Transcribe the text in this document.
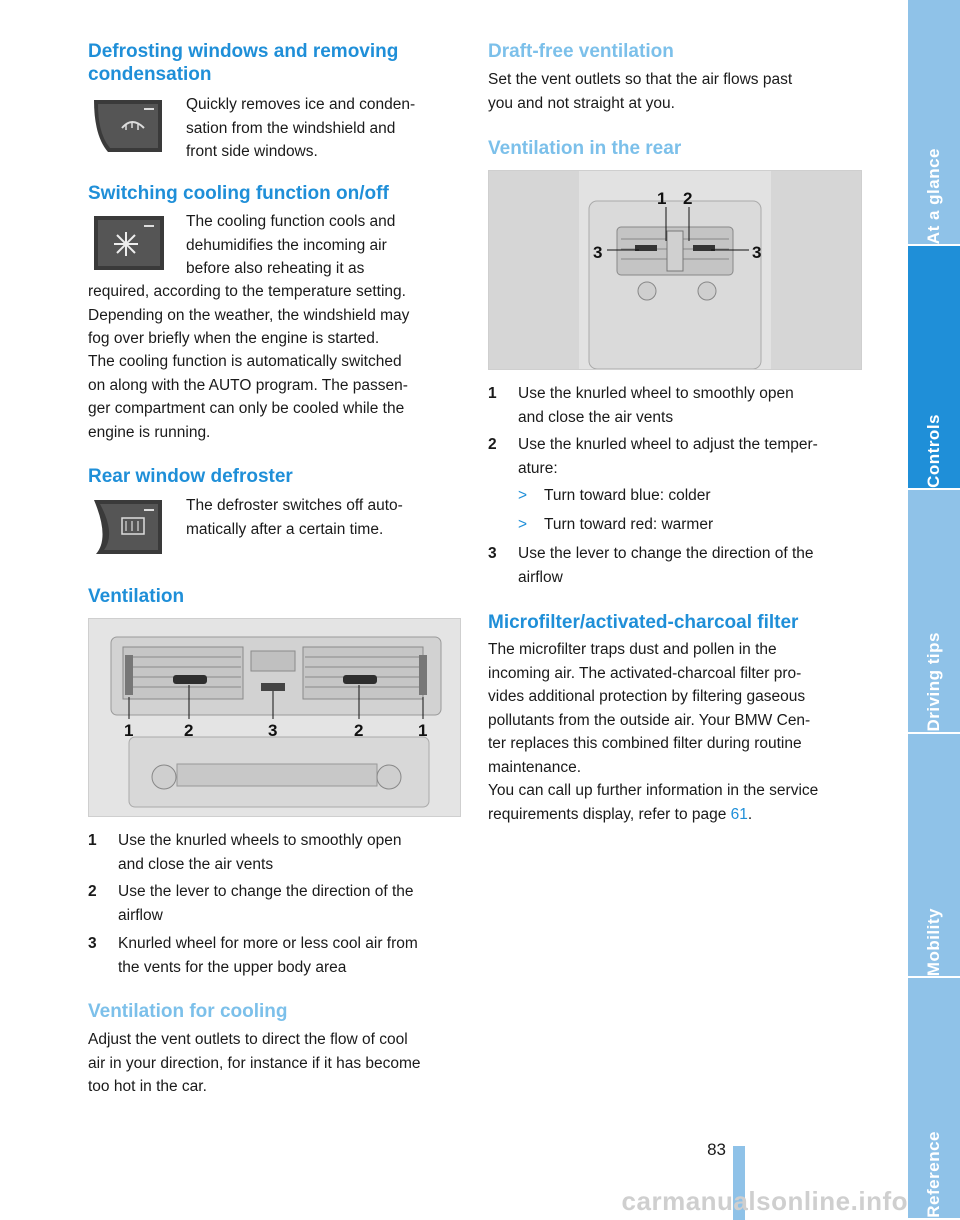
Defrosting windows and removing
condensation

Quickly removes ice and conden-

sation from the windshield and

front side windows.

Switching cooling function on/off

The cooling function cools and

dehumidifies the incoming air

before also reheating it as

required, according to the temperature setting.

Depending on the weather, the windshield may

fog over briefly when the engine is started.

The cooling function is automatically switched

on along with the AUTO program. The passen-

ger compartment can only be cooled while the

engine is running.

Rear window defroster

The defroster switches off auto-

matically after a certain time.

Ventilation
1	2	3	2	1
1 Use the knurled wheels to smoothly open
and close the air vents
2 Use the lever to change the direction of the
airflow
3 Knurled wheel for more or less cool air from
the vents for the upper body area
Ventilation for cooling

Adjust the vent outlets to direct the flow of cool

air in your direction, for instance if it has become

too hot in the car.

Draft-free ventilation

Set the vent outlets so that the air flows past

you and not straight at you.

Ventilation in the rear
1 2
3	3
1 Use the knurled wheel to smoothly open
and close the air vents
2 Use the knurled wheel to adjust the temper-
ature:
> Turn toward blue: colder
> Turn toward red: warmer
3 Use the lever to change the direction of the
airflow
Microfilter/activated-charcoal filter

The microfilter traps dust and pollen in the

incoming air. The activated-charcoal filter pro-

vides additional protection by filtering gaseous

pollutants from the outside air. Your BMW Cen-

ter replaces this combined filter during routine

maintenance.

You can call up further information in the service

requirements display, refer to page 61.

At a glance
Controls
Driving tips
Mobility
Reference
83
carmanualsonline.info
